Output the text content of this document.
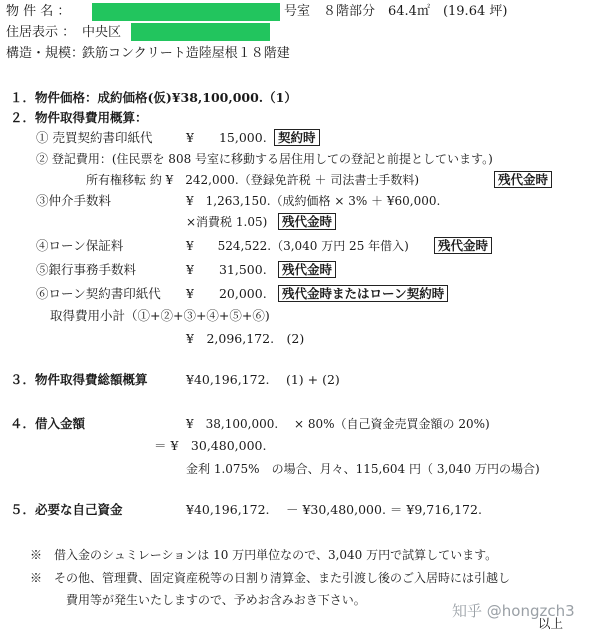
物 件 名 ：	号室　８階部分　64.4㎡　(19.64 坪)
住居表示 ： 中央区
構造・規模：
鉄筋コンクリート造陸屋根１８階建
１．物件価格：成約価格(仮)¥38,100,000.（1）
２．物件取得費用概算：
① 売買契約書印紙代	¥　　15,000. 契約時
② 登記費用：(住民票を 808 号室に移動する居住用しての登記と前提としています。)
所有権移転 約 ¥　242,000.（登録免許税 ＋ 司法書士手数料)	残代金時
③仲介手数料	¥　1,263,150.（成約価格 × 3% ＋ ¥60,000.
×消費税 1.05)	残代金時
④ローン保証料	¥　　524,522.（3,040 万円 25 年借入)	残代金時
⑤銀行事務手数料	¥　　31,500.	残代金時
⑥ローン契約書印紙代 ¥　　20,000.	残代金時またはローン契約時
取得費用小計（①+②+③+④+⑤+⑥)
¥　2,096,172.　(2)
３．物件取得費総額概算	¥40,196,172.　 (1) + (2)
４．借入金額	¥　38,100,000.　 × 80%（自己資金売買金額の 20%)
＝ ¥　30,480,000.
金利 1.075%　の場合、月々、115,604 円（ 3,040 万円の場合)
５．必要な自己資金	¥40,196,172.　 － ¥30,480,000. ＝ ¥9,716,172.
※　借入金のシュミレーションは 10 万円単位なので、3,040 万円で試算しています。
※　その他、管理費、固定資産税等の日割り清算金、また引渡し後のご入居時には引越し
費用等が発生いたしますので、予めお含みおき下さい。
以上
知乎 @hongzch3
